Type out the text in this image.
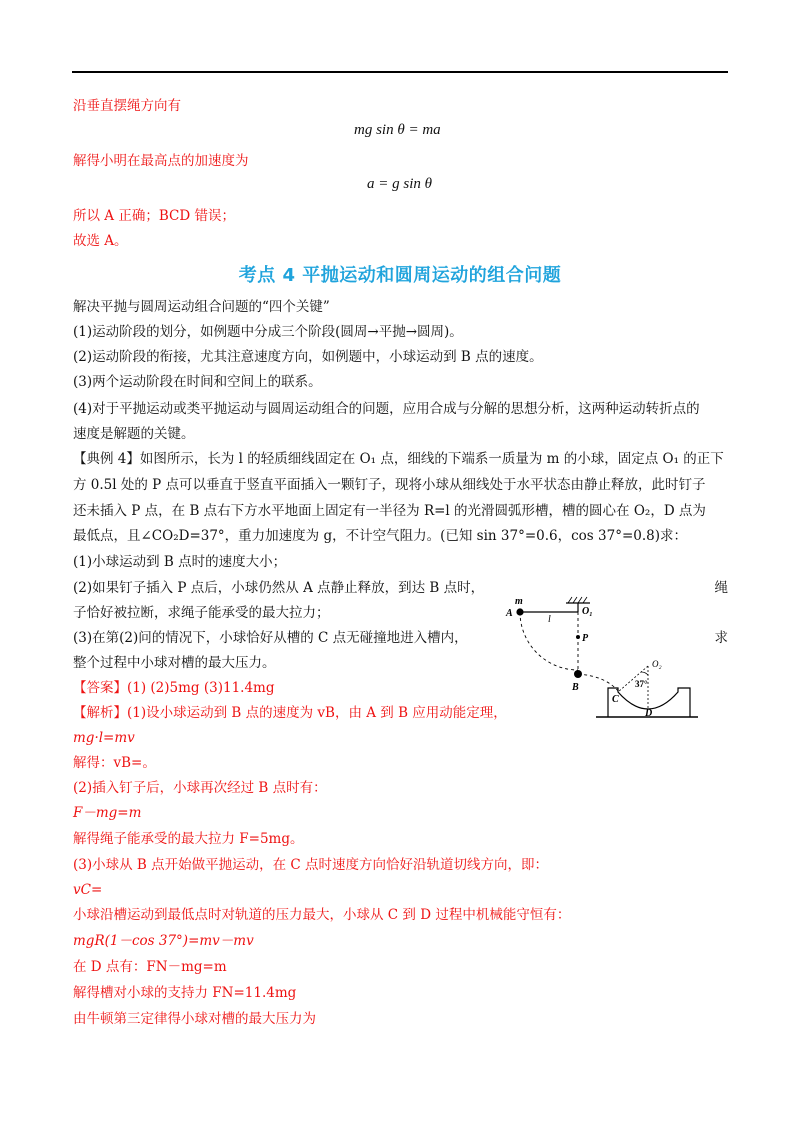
沿垂直摆绳方向有
mg sin θ = ma
解得小明在最高点的加速度为
a = g sin θ
所以 A 正确；BCD 错误；
故选 A。
考点 4 平抛运动和圆周运动的组合问题
解决平抛与圆周运动组合问题的“四个关键”
(1)运动阶段的划分，如例题中分成三个阶段(圆周→平抛→圆周)。
(2)运动阶段的衔接，尤其注意速度方向，如例题中，小球运动到 B 点的速度。
(3)两个运动阶段在时间和空间上的联系。
(4)对于平抛运动或类平抛运动与圆周运动组合的问题，应用合成与分解的思想分析，这两种运动转折点的
速度是解题的关键。
【典例 4】如图所示，长为 l 的轻质细线固定在 O₁ 点，细线的下端系一质量为 m 的小球，固定点 O₁ 的正下
方 0.5l 处的 P 点可以垂直于竖直平面插入一颗钉子，现将小球从细线处于水平状态由静止释放，此时钉子
还未插入 P 点，在 B 点右下方水平地面上固定有一半径为 R=l 的光滑圆弧形槽，槽的圆心在 O₂，D 点为
最低点，且∠CO₂D=37°，重力加速度为 g，不计空气阻力。(已知 sin 37°=0.6，cos 37°=0.8)求：
(1)小球运动到 B 点时的速度大小；
(2)如果钉子插入 P 点后，小球仍然从 A 点静止释放，到达 B 点时，	绳
子恰好被拉断，求绳子能承受的最大拉力；
(3)在第(2)问的情况下，小球恰好从槽的 C 点无碰撞地进入槽内，	求
整个过程中小球对槽的最大压力。
【答案】(1) (2)5mg (3)11.4mg
【解析】(1)设小球运动到 B 点的速度为 vB，由 A 到 B 应用动能定理，
mg·l=mv
解得：vB=。
(2)插入钉子后，小球再次经过 B 点时有：
F－mg=m
解得绳子能承受的最大拉力 F=5mg。
(3)小球从 B 点开始做平抛运动，在 C 点时速度方向恰好沿轨道切线方向，即：
vC=
小球沿槽运动到最低点时对轨道的压力最大，小球从 C 到 D 过程中机械能守恒有：
mgR(1－cos 37°)=mv－mv
在 D 点有：FN－mg=m
解得槽对小球的支持力 FN=11.4mg
由牛顿第三定律得小球对槽的最大压力为
m
A
l
O₁
P
B
O₂
C
D
37°
